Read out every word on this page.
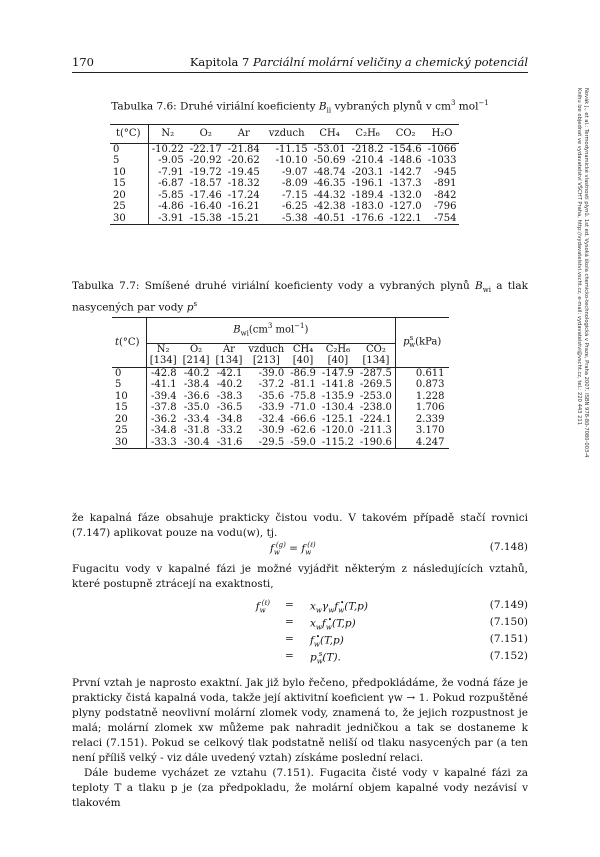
170	Kapitola 7 Parciální molární veličiny a chemický potenciál
Tabulka 7.6: Druhé viriální koeficienty $B_{ii}$ vybraných plynů v $cm^3$ mol$^{-1}$
t(°C)	N₂	O₂	Ar	vzduch	CH₄	C₂H₆	CO₂	H₂O
0	-10.22	-22.17	-21.84	-11.15	-53.01	-218.2	-154.6	-1066
5	-9.05	-20.92	-20.62	-10.10	-50.69	-210.4	-148.6	-1033
10	-7.91	-19.72	-19.45	-9.07	-48.74	-203.1	-142.7	-945
15	-6.87	-18.57	-18.32	-8.09	-46.35	-196.1	-137.3	-891
20	-5.85	-17.46	-17.24	-7.15	-44.32	-189.4	-132.0	-842
25	-4.86	-16.40	-16.21	-6.25	-42.38	-183.0	-127.0	-796
30	-3.91	-15.38	-15.21	-5.38	-40.51	-176.6	-122.1	-754
Tabulka 7.7: Smíšené druhé viriální koeficienty vody a vybraných plynů $B_{wi}$ a tlak nasycených par vody $p^s$
t(°C)	$B_{wi}(cm^3$ mol$^{-1}$)							$p^s_w(kPa)$
	N₂	O₂	Ar	vzduch	CH₄	C₂H₆	CO₂	
	[134]	[214]	[134]	[213]	[40]	[40]	[134]	
0	-42.8	-40.2	-42.1	-39.0	-86.9	-147.9	-287.5	0.611
5	-41.1	-38.4	-40.2	-37.2	-81.1	-141.8	-269.5	0.873
10	-39.4	-36.6	-38.3	-35.6	-75.8	-135.9	-253.0	1.228
15	-37.8	-35.0	-36.5	-33.9	-71.0	-130.4	-238.0	1.706
20	-36.2	-33.4	-34.8	-32.4	-66.6	-125.1	-224.1	2.339
25	-34.8	-31.8	-33.2	-30.9	-62.6	-120.0	-211.3	3.170
30	-33.3	-30.4	-31.6	-29.5	-59.0	-115.2	-190.6	4.247
že kapalná fáze obsahuje prakticky čistou vodu. V takovém případě stačí rovnici (7.147) aplikovat pouze na vodu(w), tj.
$f_w^{(g)} = f_w^{(\ell)}$	(7.148)
Fugacitu vody v kapalné fázi je možné vyjádřit některým z následujících vztahů, které postupně ztrácejí na exaktnosti,
$f_w^{(\ell)} = x_w\gamma_wf_w^•(T,p)$	(7.149)
= $x_wf_w^•(T,p)$	(7.150)
= $f_w^•(T,p)$	(7.151)
= $p_w^s(T)$.	(7.152)
První vztah je naprosto exaktní. Jak již bylo řečeno, předpokládáme, že vodná fáze je prakticky čistá kapalná voda, takže její aktivitní koeficient γw → 1. Pokud rozpuštěné plyny podstatně neovlivní molární zlomek vody, znamená to, že jejich rozpustnost je malá; molární zlomek xw můžeme pak nahradit jedničkou a tak se dostaneme k relaci (7.151). Pokud se celkový tlak podstatně neliší od tlaku nasycených par (a ten není příliš velký - viz dále uvedený vztah) získáme poslední relaci.
Dále budeme vycházet ze vztahu (7.151). Fugacita čisté vody v kapalné fázi za teploty T a tlaku p je (za předpokladu, že molární objem kapalné vody nezávisí v tlakovém
Novák J., et al.: Termodynamické vlastnosti plynů. 1st ed. Vysoká škola chemicko-technologická v Praze, Praha 2007. ISBN 978-80-7080-003-4
Knihu lze objednat ve vydavatelství VŠCHT Praha, http://vydavatelstvi.vscht.cz, e-mail: vydavatelstvi@vscht.cz, tel.: 220 443 211
